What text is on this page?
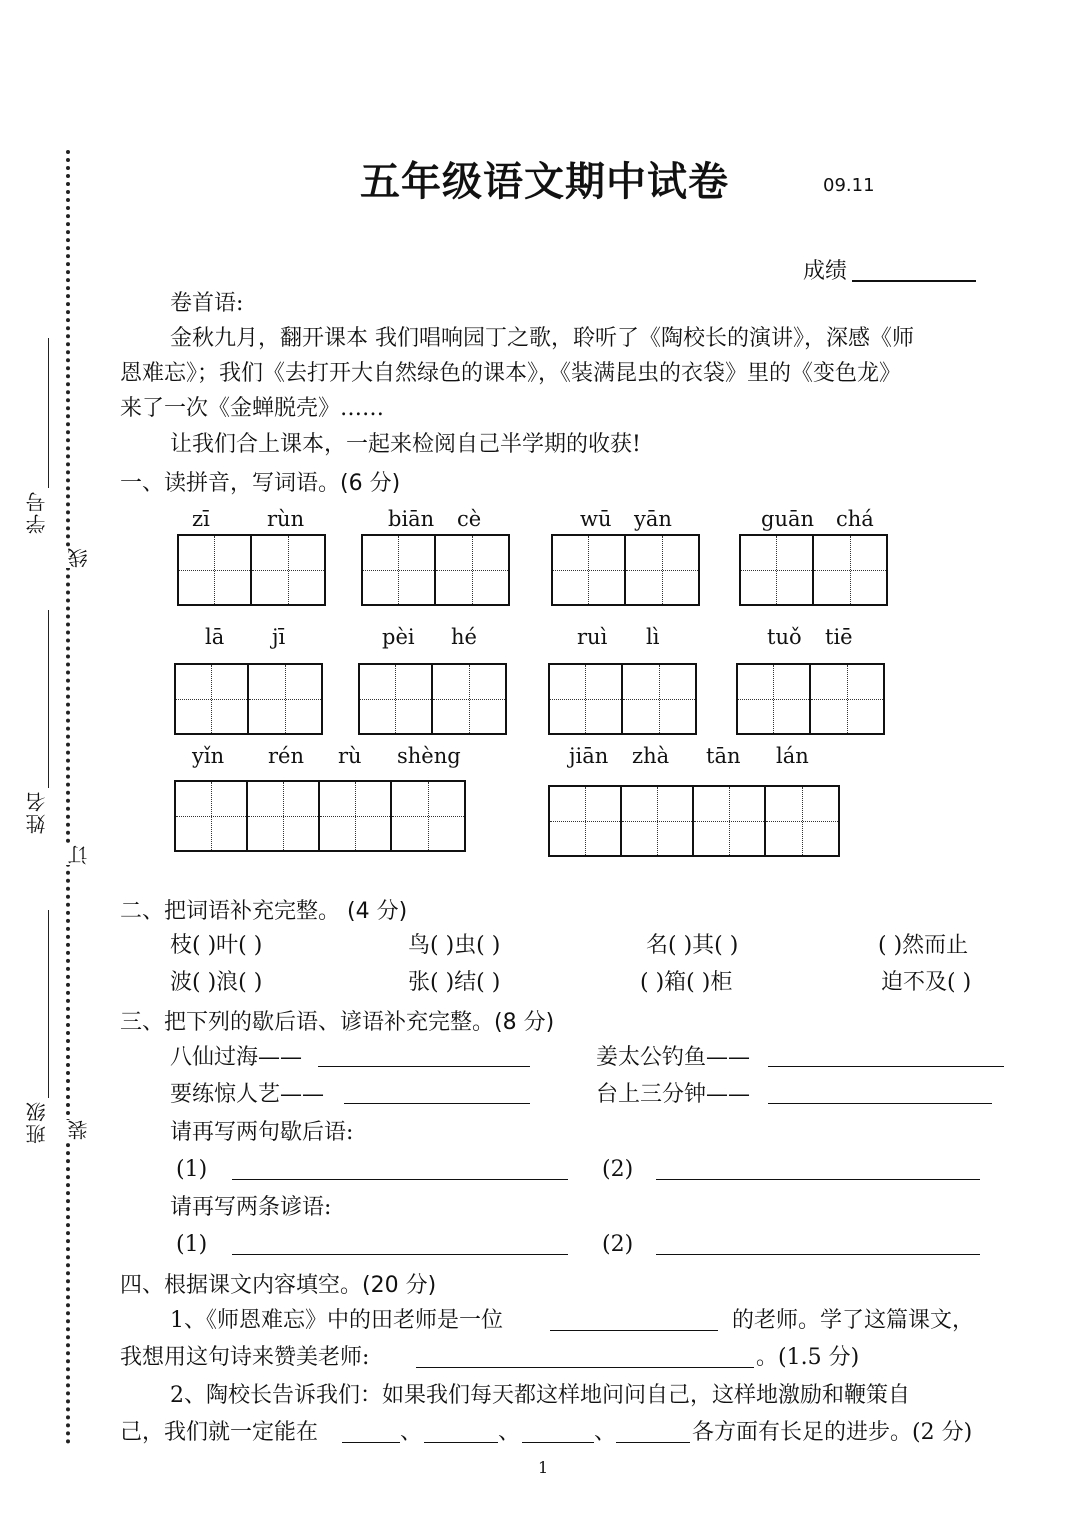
学号
姓名
班级
线
订
装
五年级语文期中试卷	09.11
成绩
卷首语:
金秋九月，翻开课本 我们唱响园丁之歌，聆听了《陶校长的演讲》，深感《师
恩难忘》；我们《去打开大自然绿色的课本》，《装满昆虫的衣袋》里的《变色龙》
来了一次《金蝉脱壳》……
让我们合上课本，一起来检阅自己半学期的收获!
一、读拼音，写词语。(6 分)
zī	rùn	biān cè	wū yān	guān chá
lā jī	pèi hé	ruì lì	tuǒ tiē
yǐn rén rù shèng	jiān zhà tān lán
二、把词语补充完整。 (4 分)
枝( )叶( )	鸟( )虫( )	名( )其( )	( )然而止
波( )浪( )	张( )结( )	( )箱( )柜	迫不及( )
三、把下列的歇后语、谚语补充完整。(8 分)
八仙过海——	姜太公钓鱼——
要练惊人艺——	台上三分钟——
请再写两句歇后语:
(1)	(2)
请再写两条谚语:
(1)	(2)
四、根据课文内容填空。(20 分)
1、《师恩难忘》中的田老师是一位	的老师。学了这篇课文，
我想用这句诗来赞美老师:	。(1.5 分)
2、陶校长告诉我们：如果我们每天都这样地问问自己，这样地激励和鞭策自
己，我们就一定能在	、	、	、	各方面有长足的进步。(2 分)
1
